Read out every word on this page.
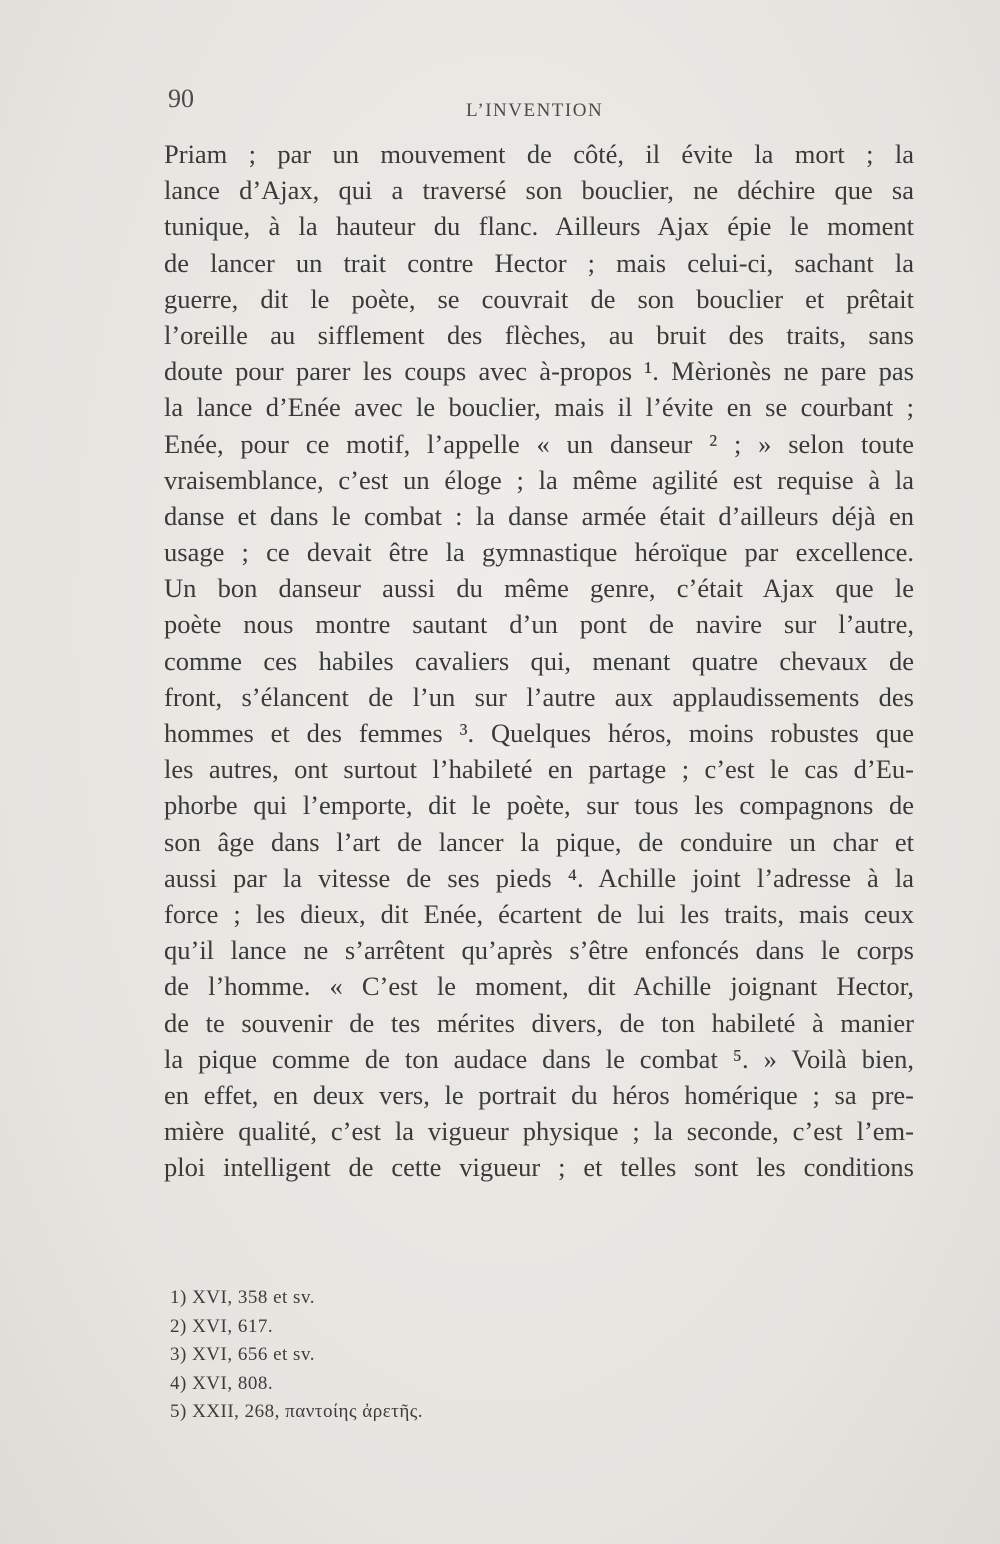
90	L’INVENTION
Priam ; par un mouvement de côté, il évite la mort ; la
lance d’Ajax, qui a traversé son bouclier, ne déchire que sa
tunique, à la hauteur du flanc. Ailleurs Ajax épie le moment
de lancer un trait contre Hector ; mais celui-ci, sachant la
guerre, dit le poète, se couvrait de son bouclier et prêtait
l’oreille au sifflement des flèches, au bruit des traits, sans
doute pour parer les coups avec à-propos ¹. Mèrionès ne pare pas
la lance d’Enée avec le bouclier, mais il l’évite en se courbant ;
Enée, pour ce motif, l’appelle « un danseur ² ; » selon toute
vraisemblance, c’est un éloge ; la même agilité est requise à la
danse et dans le combat : la danse armée était d’ailleurs déjà en
usage ; ce devait être la gymnastique héroïque par excellence.
Un bon danseur aussi du même genre, c’était Ajax que le
poète nous montre sautant d’un pont de navire sur l’autre,
comme ces habiles cavaliers qui, menant quatre chevaux de
front, s’élancent de l’un sur l’autre aux applaudissements des
hommes et des femmes ³. Quelques héros, moins robustes que
les autres, ont surtout l’habileté en partage ; c’est le cas d’Eu-
phorbe qui l’emporte, dit le poète, sur tous les compagnons de
son âge dans l’art de lancer la pique, de conduire un char et
aussi par la vitesse de ses pieds ⁴. Achille joint l’adresse à la
force ; les dieux, dit Enée, écartent de lui les traits, mais ceux
qu’il lance ne s’arrêtent qu’après s’être enfoncés dans le corps
de l’homme. « C’est le moment, dit Achille joignant Hector,
de te souvenir de tes mérites divers, de ton habileté à manier
la pique comme de ton audace dans le combat ⁵. » Voilà bien,
en effet, en deux vers, le portrait du héros homérique ; sa pre-
mière qualité, c’est la vigueur physique ; la seconde, c’est l’em-
ploi intelligent de cette vigueur ; et telles sont les conditions
1) XVI, 358 et sv.
2) XVI, 617.
3) XVI, 656 et sv.
4) XVI, 808.
5) XXII, 268, παντοίης ἀρετῆς.
